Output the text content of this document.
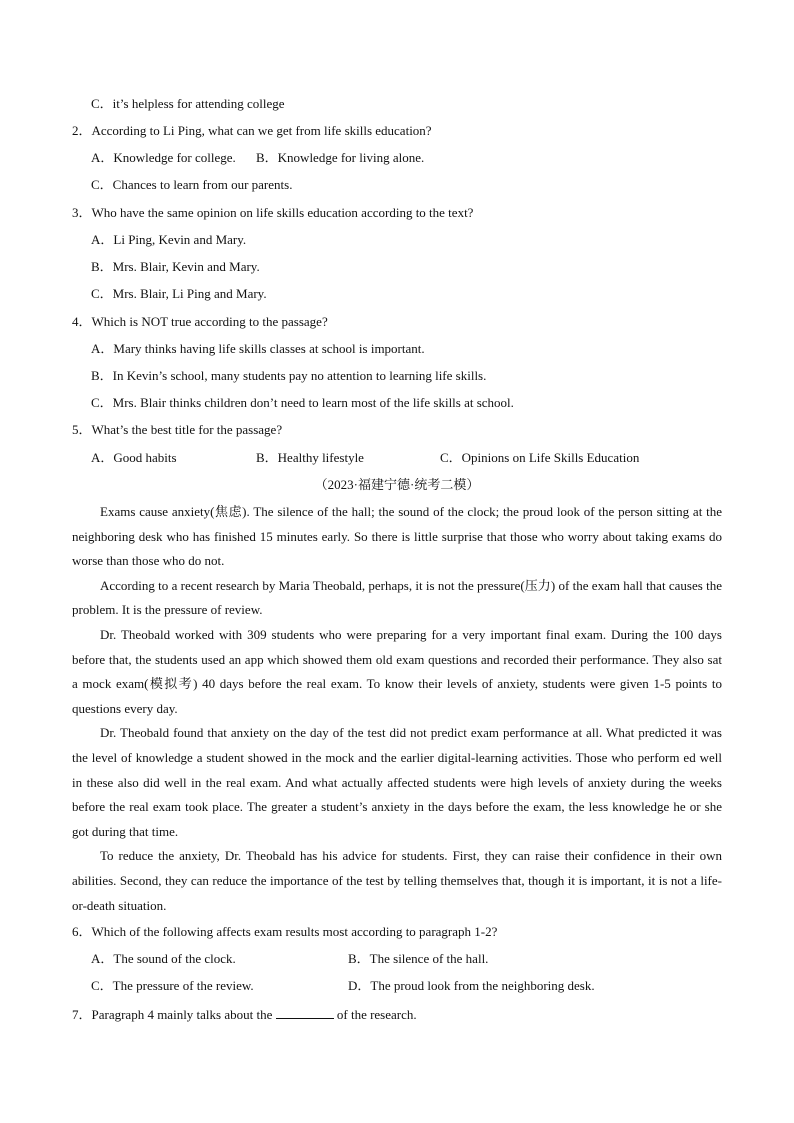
C．it’s helpless for attending college
2．According to Li Ping, what can we get from life skills education?
A．Knowledge for college. B．Knowledge for living alone.
C．Chances to learn from our parents.
3．Who have the same opinion on life skills education according to the text?
A．Li Ping, Kevin and Mary.
B．Mrs. Blair, Kevin and Mary.
C．Mrs. Blair, Li Ping and Mary.
4．Which is NOT true according to the passage?
A．Mary thinks having life skills classes at school is important.
B．In Kevin’s school, many students pay no attention to learning life skills.
C．Mrs. Blair thinks children don’t need to learn most of the life skills at school.
5．What’s the best title for the passage?
A．Good habits	B．Healthy lifestyle	C．Opinions on Life Skills Education
（2023·福建宁德·统考二模）

Exams cause anxiety(焦虑). The silence of the hall; the sound of the clock; the proud look of the person sitting at the neighboring desk who has finished 15 minutes early. So there is little surprise that those who worry about taking exams do worse than those who do not.

According to a recent research by Maria Theobald, perhaps, it is not the pressure(压力) of the exam hall that causes the problem. It is the pressure of review.

Dr. Theobald worked with 309 students who were preparing for a very important final exam. During the 100 days before that, the students used an app which showed them old exam questions and recorded their performance. They also sat a mock exam(模拟考) 40 days before the real exam. To know their levels of anxiety, students were given 1-5 points to questions every day.

Dr. Theobald found that anxiety on the day of the test did not predict exam performance at all. What predicted it was the level of knowledge a student showed in the mock and the earlier digital-learning activities. Those who perform ed well in these also did well in the real exam. And what actually affected students were high levels of anxiety during the weeks before the real exam took place. The greater a student’s anxiety in the days before the exam, the less knowledge he or she got during that time.

To reduce the anxiety, Dr. Theobald has his advice for students. First, they can raise their confidence in their own abilities. Second, they can reduce the importance of the test by telling themselves that, though it is important, it is not a life-or-death situation.

6．Which of the following affects exam results most according to paragraph 1-2?
A．The sound of the clock.	B．The silence of the hall.
C．The pressure of the review.	D．The proud look from the neighboring desk.
7．Paragraph 4 mainly talks about the	of the research.
